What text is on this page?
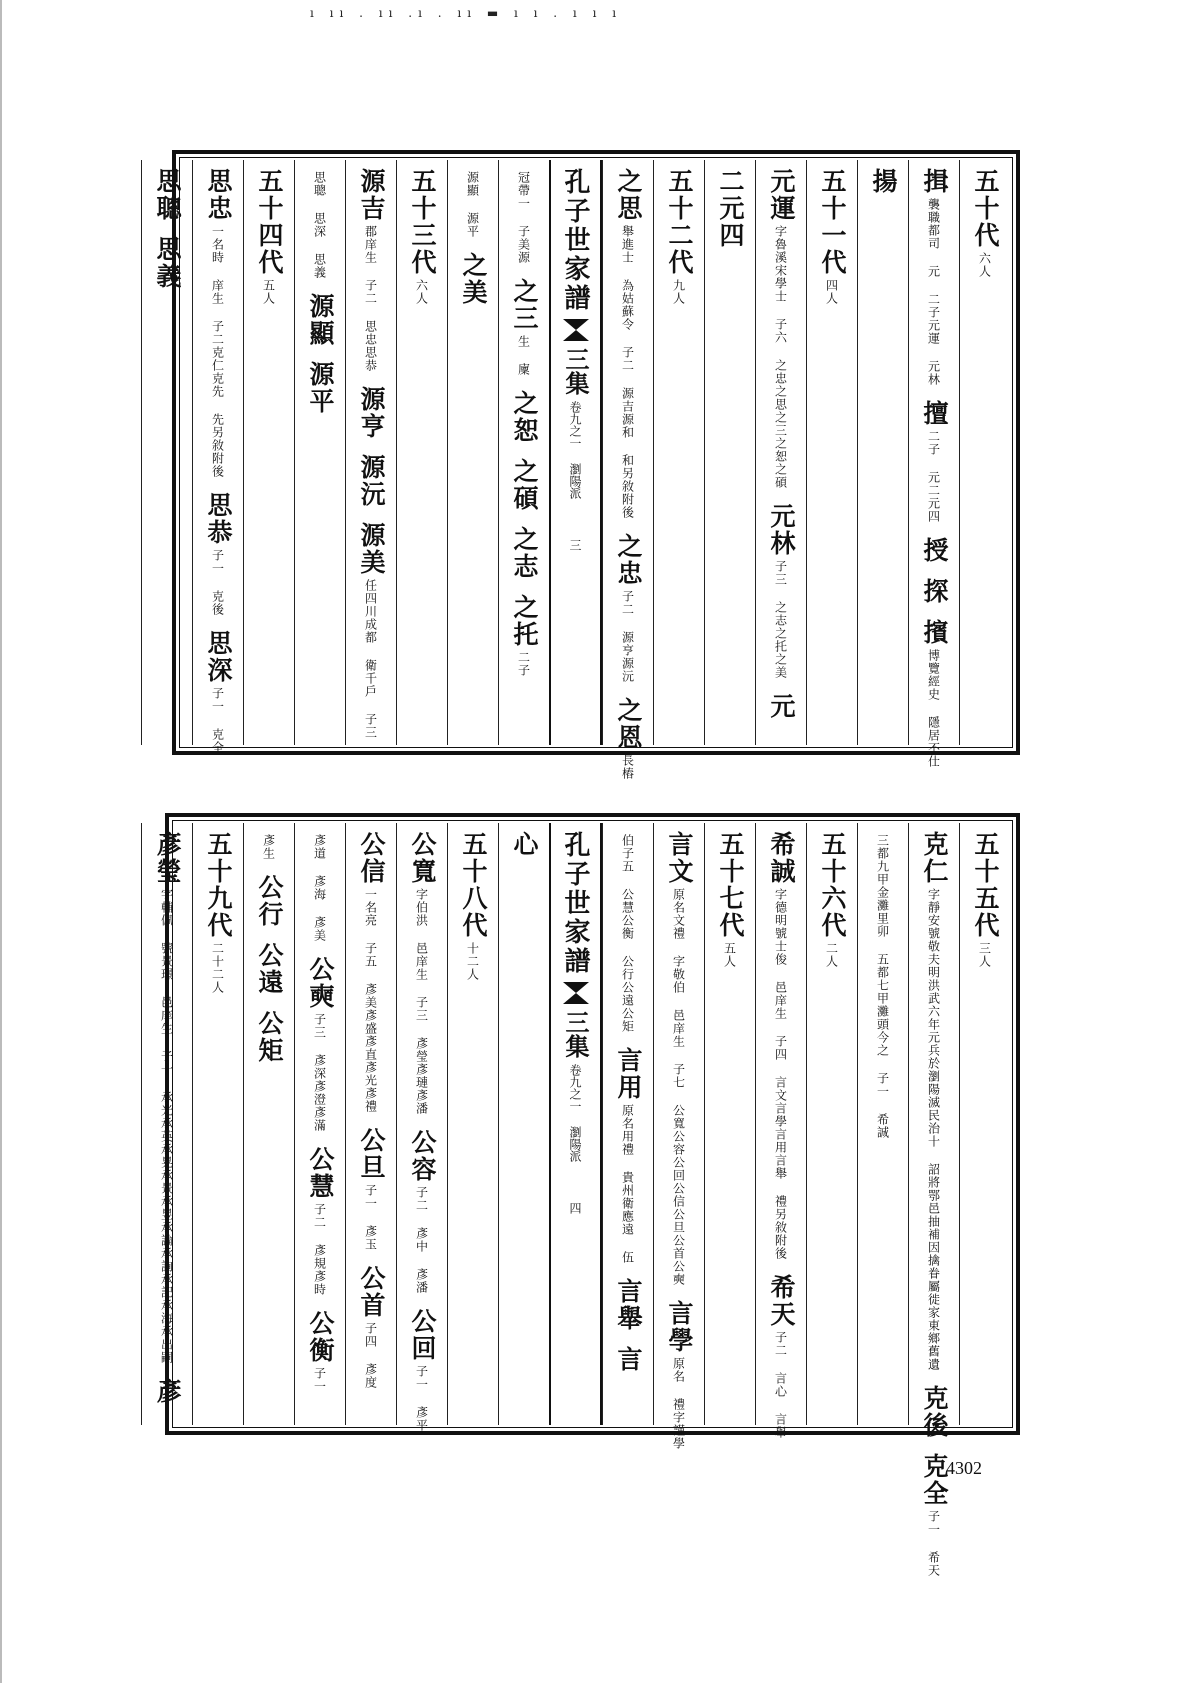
ı ıı . ıı .ı . ıı ▬ ı ı . ı ı ı
五十代
六人
揖
襲職都司 元 二子元運 元林
擅
二子 元二元四
授
探
擯
博覽經史 隱居不仕
揚
五十一代
四人
元運
字魯溪宋學士 子六 之忠之思之三之恕之碩
元林
子三 之志之托之美
元
二元四
五十二代
九人
之思
舉進士 為姑蘇令 子二 源吉源和 和另敘附後
之忠
子二 源亨源沅
之恩
長樁
孔子世家譜
三集
卷九之一 瀏陽派
三
冠帶一 子美源
之三
生 廩
之恕
之碩
之志
之托
二子
源顯 源平
之美
五十三代
六人
源吉
郡庠生 子二 思忠思恭
源亨
源沅
源美
任四川成都 衛千戶 子三
思聰 思深 思義
源顯
源平
五十四代
五人
思忠
一名時 庠生 子二克仁克先 先另敘附後
思恭
子一 克後
思深
子一 克全
思聰
思義
五十五代
三人
克仁
字靜安號敬夫明洪武六年元兵於瀏陽滅民治十 詔將鄂邑抽補因擒眷屬徙家東鄉舊遺
克後
克全
子一 希天
三都九甲金灘里卯 五都七甲灘頭今之 子一 希誠
五十六代
二人
希誠
字德明號士俊 邑庠生 子四 言文言學言用言舉 禮另敘附後
希天
子二 言心 言舉
五十七代
五人
言文
原名文禮 字敬伯 邑庠生 子七 公寬公容公回公信公旦公首公奭
言學
原名 禮字謹學
伯子五 公慧公衡 公行公遠公矩
言用
原名用禮 貴州衛應遠 伍
言舉
言
孔子世家譜
三集
卷九之一 瀏陽派
四
心
五十八代
十二人
公寬
字伯洪 邑庠生 子三 彥瑩彥璉彥潘
公容
子二 彥中 彥潘
公回
子一 彥平
公信
一名亮 子五 彥美彥盛彥直彥光彥禮
公旦
子一 彥玉
公首
子四 彥度
彥道 彥海 彥美
公奭
子三 彥深彥澄彥滿
公慧
子二 彥規彥時
公衡
子一
彥生
公行
公遠
公矩
五十九代
二十二人
彥瑩
字輔佩 號景璟 邑庠生 子十 承光承英承晃承景承昱承論承詢承記承海承出嗣
彥
4302
